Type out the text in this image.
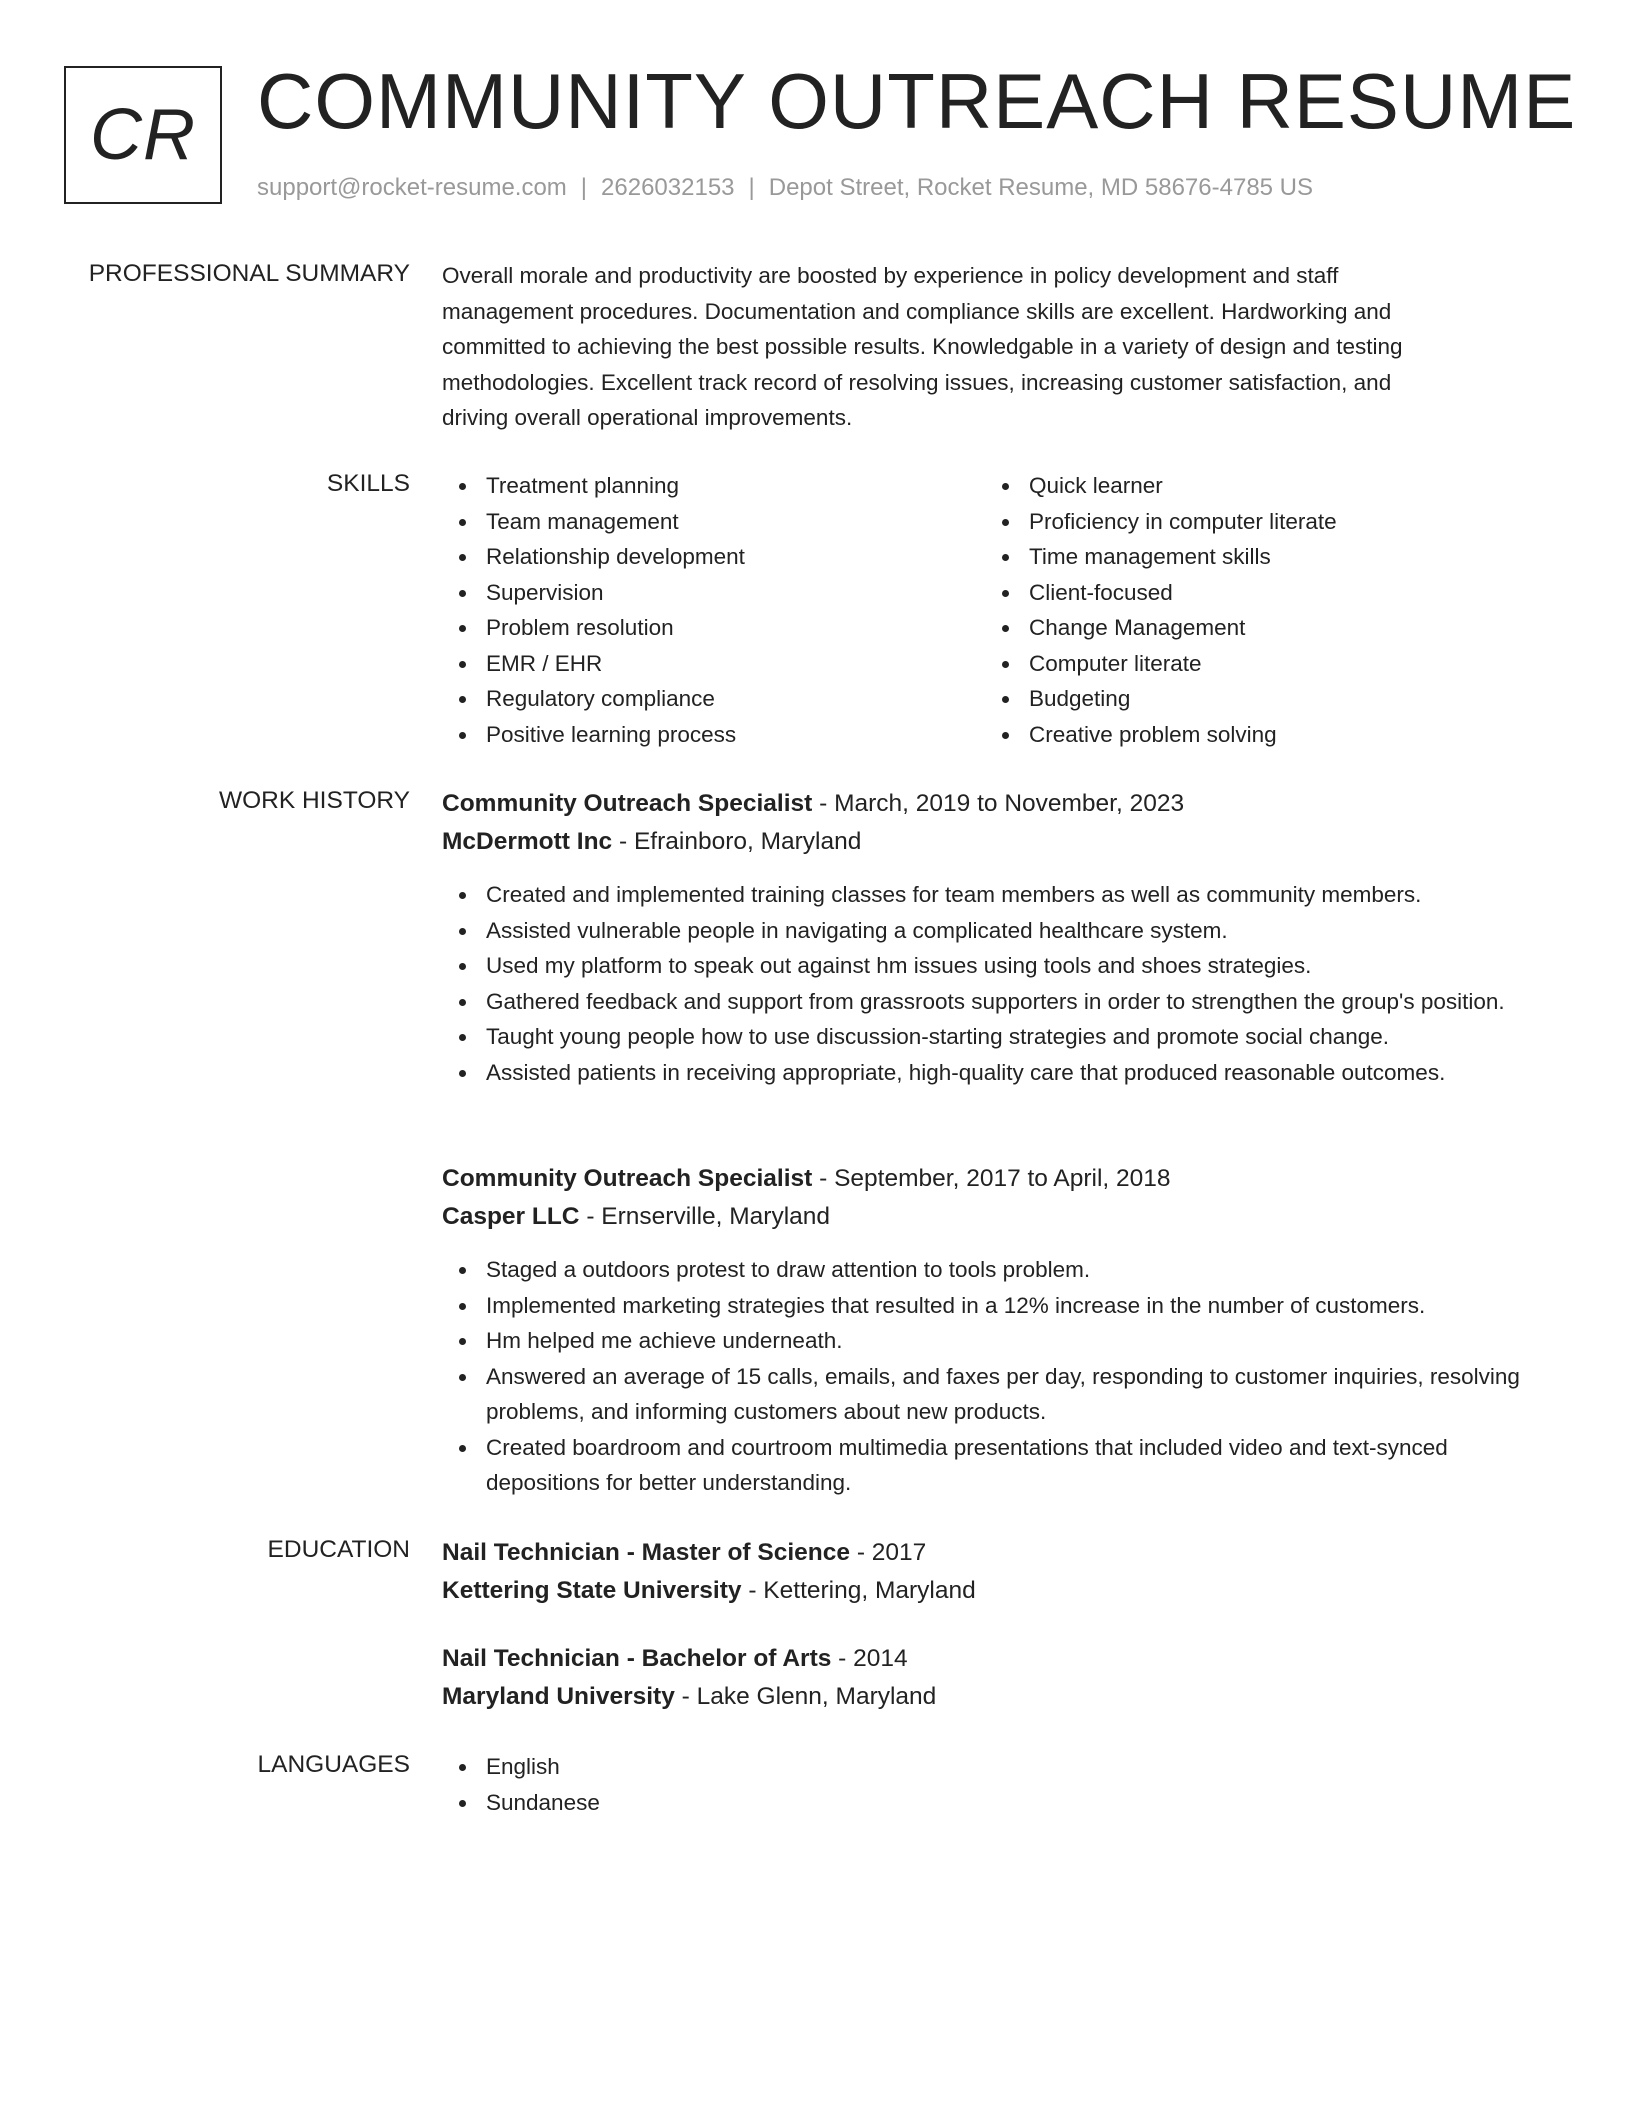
CR COMMUNITY OUTREACH RESUME
support@rocket-resume.com | 2626032153 | Depot Street, Rocket Resume, MD 58676-4785 US
PROFESSIONAL SUMMARY Overall morale and productivity are boosted by experience in policy development and staff
management procedures. Documentation and compliance skills are excellent. Hardworking and
committed to achieving the best possible results. Knowledgable in a variety of design and testing
methodologies. Excellent track record of resolving issues, increasing customer satisfaction, and
driving overall operational improvements.

SKILLS	Treatment planning
Team management
Relationship development
Supervision
Problem resolution
EMR / EHR
Regulatory compliance
Positive learning process
Quick learner
Proficiency in computer literate
Time management skills
Client-focused
Change Management
Computer literate
Budgeting
Creative problem solving
WORK HISTORY Community Outreach Specialist - March, 2019 to November, 2023
McDermott Inc - Efrainboro, Maryland
Created and implemented training classes for team members as well as community members.
Assisted vulnerable people in navigating a complicated healthcare system.
Used my platform to speak out against hm issues using tools and shoes strategies.
Gathered feedback and support from grassroots supporters in order to strengthen the group's position.
Taught young people how to use discussion-starting strategies and promote social change.
Assisted patients in receiving appropriate, high-quality care that produced reasonable outcomes.
Community Outreach Specialist - September, 2017 to April, 2018
Casper LLC - Ernserville, Maryland
Staged a outdoors protest to draw attention to tools problem.
Implemented marketing strategies that resulted in a 12% increase in the number of customers.
Hm helped me achieve underneath.
Answered an average of 15 calls, emails, and faxes per day, responding to customer inquiries, resolving problems, and informing customers about new products.
Created boardroom and courtroom multimedia presentations that included video and text-synced depositions for better understanding.
EDUCATION Nail Technician - Master of Science - 2017
Kettering State University - Kettering, Maryland
Nail Technician - Bachelor of Arts - 2014
Maryland University - Lake Glenn, Maryland
LANGUAGES	English
Sundanese
